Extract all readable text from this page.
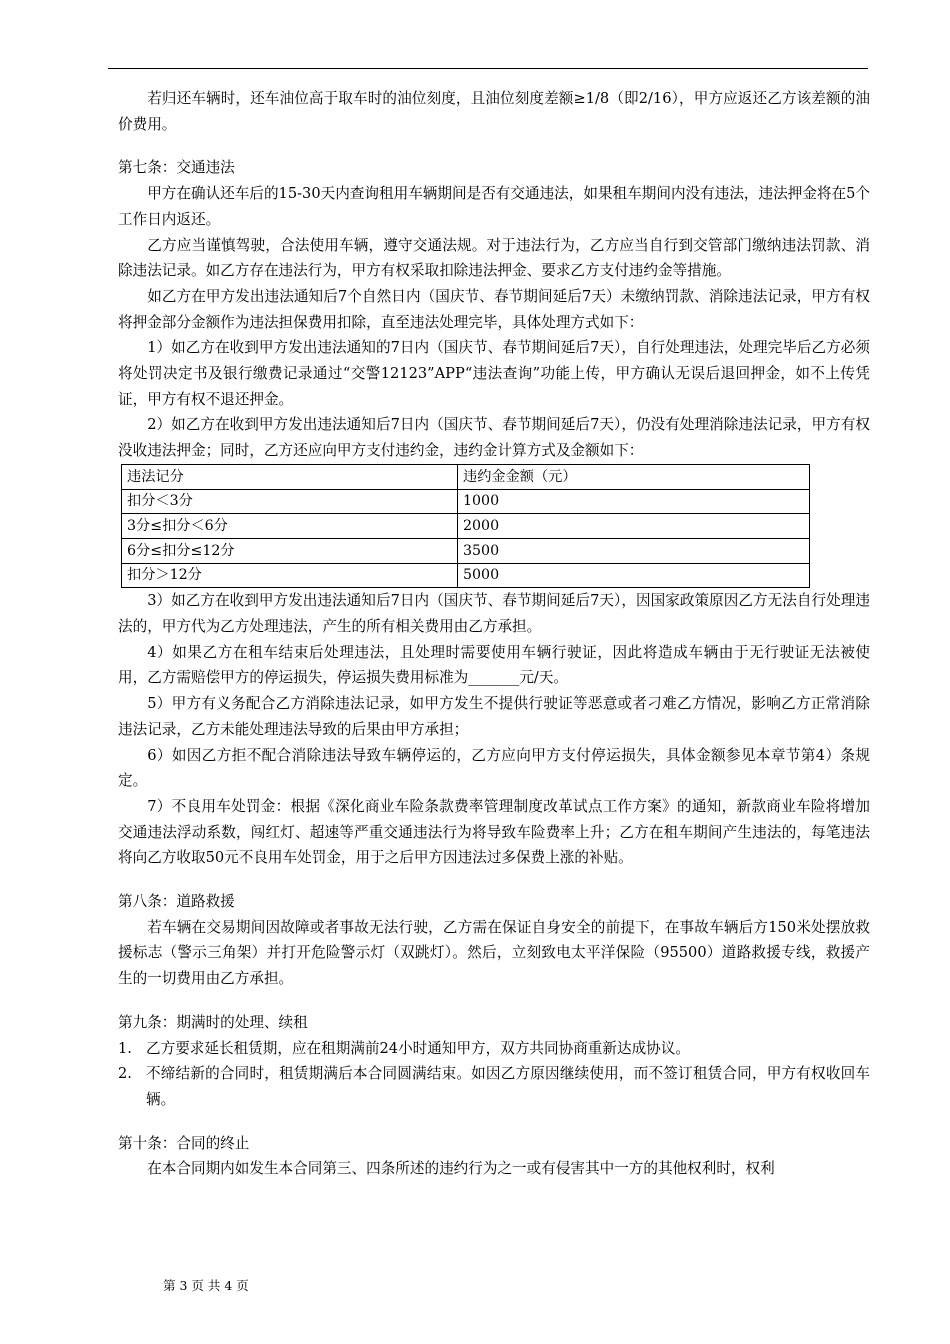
若归还车辆时，还车油位高于取车时的油位刻度，且油位刻度差额≥1/8（即2/16），甲方应返还乙方该差额的油价费用。

第七条：交通违法

甲方在确认还车后的15-30天内查询租用车辆期间是否有交通违法，如果租车期间内没有违法，违法押金将在5个工作日内返还。

乙方应当谨慎驾驶，合法使用车辆，遵守交通法规。对于违法行为，乙方应当自行到交管部门缴纳违法罚款、消除违法记录。如乙方存在违法行为，甲方有权采取扣除违法押金、要求乙方支付违约金等措施。

如乙方在甲方发出违法通知后7个自然日内（国庆节、春节期间延后7天）未缴纳罚款、消除违法记录，甲方有权将押金部分金额作为违法担保费用扣除，直至违法处理完毕，具体处理方式如下：

1）如乙方在收到甲方发出违法通知的7日内（国庆节、春节期间延后7天），自行处理违法，处理完毕后乙方必须将处罚决定书及银行缴费记录通过“交警12123”APP“违法查询”功能上传，甲方确认无误后退回押金，如不上传凭证，甲方有权不退还押金。

2）如乙方在收到甲方发出违法通知后7日内（国庆节、春节期间延后7天），仍没有处理消除违法记录，甲方有权没收违法押金；同时，乙方还应向甲方支付违约金，违约金计算方式及金额如下：

违法记分	违约金金额（元）
扣分＜3分	1000
3分≤扣分＜6分	2000
6分≤扣分≤12分	3500
扣分＞12分	5000

3）如乙方在收到甲方发出违法通知后7日内（国庆节、春节期间延后7天），因国家政策原因乙方无法自行处理违法的，甲方代为乙方处理违法，产生的所有相关费用由乙方承担。

4）如果乙方在租车结束后处理违法，且处理时需要使用车辆行驶证，因此将造成车辆由于无行驶证无法被使用，乙方需赔偿甲方的停运损失，停运损失费用标准为_______元/天。

5）甲方有义务配合乙方消除违法记录，如甲方发生不提供行驶证等恶意或者刁难乙方情况，影响乙方正常消除违法记录，乙方未能处理违法导致的后果由甲方承担；

6）如因乙方拒不配合消除违法导致车辆停运的，乙方应向甲方支付停运损失，具体金额参见本章节第4）条规定。

7）不良用车处罚金：根据《深化商业车险条款费率管理制度改革试点工作方案》的通知，新款商业车险将增加交通违法浮动系数，闯红灯、超速等严重交通违法行为将导致车险费率上升；乙方在租车期间产生违法的，每笔违法将向乙方收取50元不良用车处罚金，用于之后甲方因违法过多保费上涨的补贴。

第八条：道路救援

若车辆在交易期间因故障或者事故无法行驶，乙方需在保证自身安全的前提下，在事故车辆后方150米处摆放救援标志（警示三角架）并打开危险警示灯（双跳灯）。然后，立刻致电太平洋保险（95500）道路救援专线，救援产生的一切费用由乙方承担。

第九条：期满时的处理、续租

1. 乙方要求延长租赁期，应在租期满前24小时通知甲方，双方共同协商重新达成协议。
2. 不缔结新的合同时，租赁期满后本合同圆满结束。如因乙方原因继续使用，而不签订租赁合同，甲方有权收回车辆。

第十条：合同的终止

在本合同期内如发生本合同第三、四条所述的违约行为之一或有侵害其中一方的其他权利时，权利

第 3 页 共 4 页
